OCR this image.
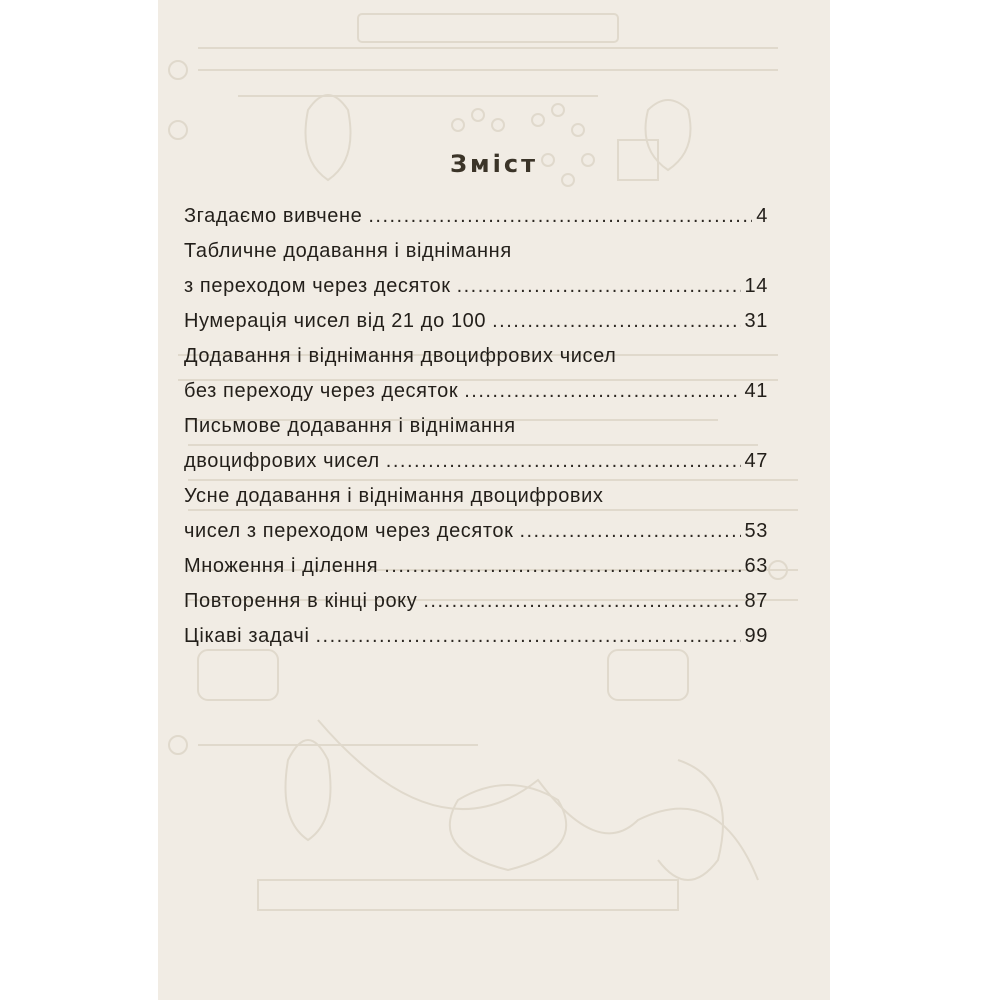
Зміст
Згадаємо вивчене .....	4
Табличне додавання і віднімання
з переходом через десяток .....	14
Нумерація чисел від 21 до 100 .....	31
Додавання і віднімання двоцифрових чисел
без переходу через десяток .....	41
Письмове додавання і віднімання
двоцифрових чисел .....	47
Усне додавання і віднімання двоцифрових
чисел з переходом через десяток .....	53
Множення і ділення .....	63
Повторення в кінці року .....	87
Цікаві задачі .....	99
